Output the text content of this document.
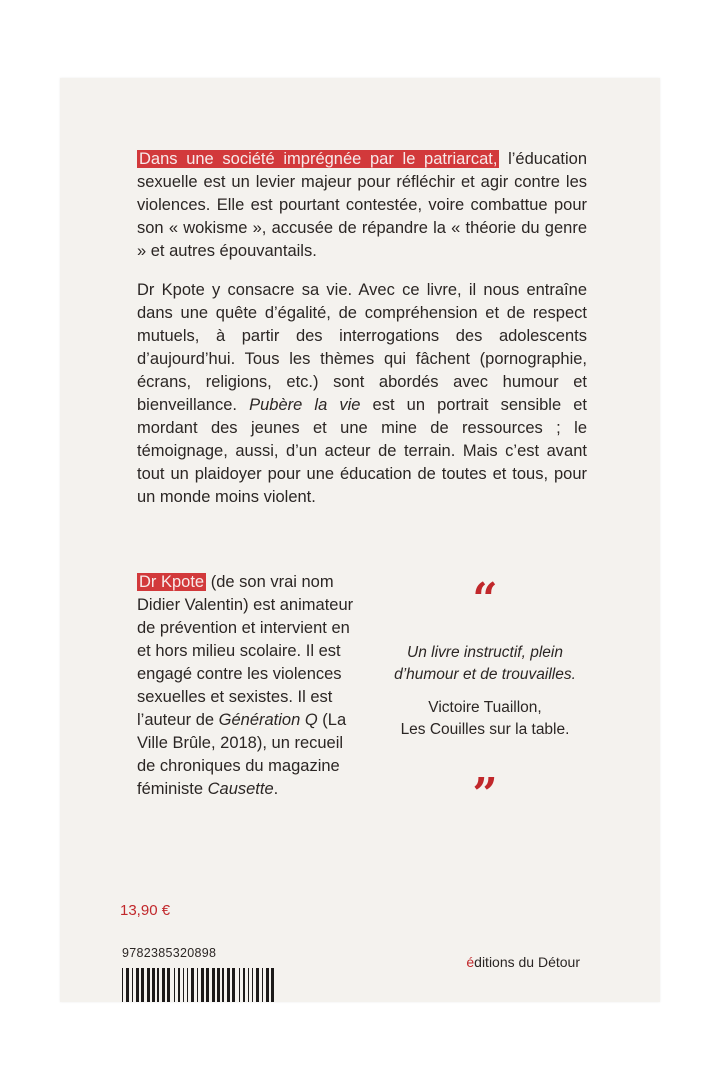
Dans une société imprégnée par le patriarcat, l’éducation sexuelle est un levier majeur pour réfléchir et agir contre les violences. Elle est pourtant contestée, voire combattue pour son « wokisme », accusée de répandre la « théorie du genre » et autres épouvantails.

Dr Kpote y consacre sa vie. Avec ce livre, il nous entraîne dans une quête d’égalité, de compréhension et de respect mutuels, à partir des interrogations des adolescents d’aujourd’hui. Tous les thèmes qui fâchent (pornographie, écrans, religions, etc.) sont abordés avec humour et bienveillance. Pubère la vie est un portrait sensible et mordant des jeunes et une mine de ressources ; le témoignage, aussi, d’un acteur de terrain. Mais c’est avant tout un plaidoyer pour une éducation de toutes et tous, pour un monde moins violent.

Dr Kpote (de son vrai nom Didier Valentin) est animateur de prévention et intervient en et hors milieu scolaire. Il est engagé contre les violences sexuelles et sexistes. Il est l’auteur de Génération Q (La Ville Brûle, 2018), un recueil de chroniques du magazine féministe Causette.
“

Un livre instructif, plein
d’humour et de trouvailles.

Victoire Tuaillon,
Les Couilles sur la table.

”
13,90 €
9782385320898
éditions du Détour
